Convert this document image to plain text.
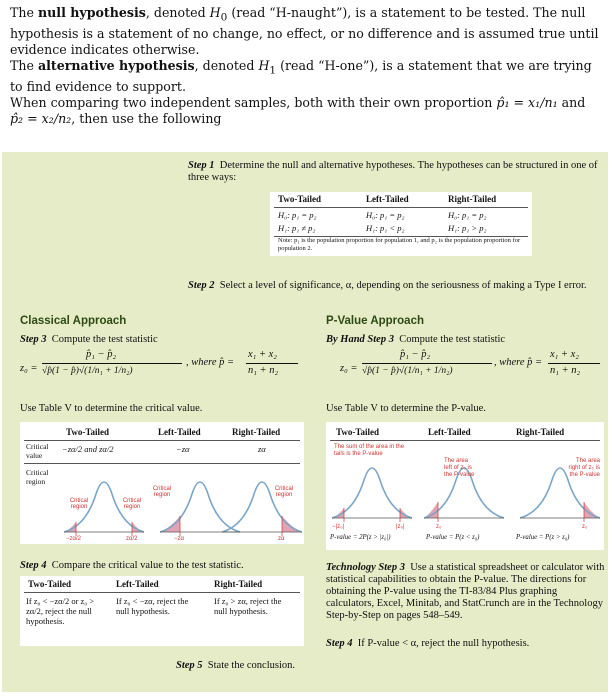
The null hypothesis, denoted $H_0$ (read “H-naught”), is a statement to be tested. The null hypothesis is a statement of no change, no effect, or no difference and is assumed true until evidence indicates otherwise.

The alternative hypothesis, denoted $H_1$ (read “H-one”), is a statement that we are trying to find evidence to support.

When comparing two independent samples, both with their own proportion p̂₁ = x₁/n₁ and p̂₂ = x₂/n₂, then use the following

Step 1 Determine the null and alternative hypotheses. The hypotheses can be structured in one of three ways:
Two-Tailed	Left-Tailed	Right-Tailed
H₀: p₁ = p₂	H₀: p₁ = p₂	H₀: p₁ = p₂
H₁: p₁ ≠ p₂	H₁: p₁ < p₂	H₁: p₁ > p₂
Note: p₁ is the population proportion for population 1, and p₂ is the population proportion for population 2.
Step 2 Select a level of significance, α, depending on the seriousness of making a Type I error.
Classical Approach
Step 3 Compute the test statistic
z₀ =
p̂₁ − p̂₂
√p̂(1 − p̂)√(1/n₁ + 1/n₂)
, where p̂ =
x₁ + x₂
n₁ + n₂
Use Table V to determine the critical value.
Two-Tailed	Left-Tailed	Right-Tailed
Critical value
−zα/2 and zα/2	−zα	zα
Critical region
Critical region
Critical region
Critical region
Critical region
−zα/2	zα/2	−zα	zα
Step 4 Compare the critical value to the test statistic.
Two-Tailed	Left-Tailed	Right-Tailed
If z₀ < −zα/2 or z₀ > zα/2, reject the null hypothesis.
If z₀ < −zα, reject the null hypothesis.
If z₀ > zα, reject the null hypothesis.
P-Value Approach
By Hand Step 3 Compute the test statistic
z₀ =
p̂₁ − p̂₂
√p̂(1 − p̂)√(1/n₁ + 1/n₂)
, where p̂ =
x₁ + x₂
n₁ + n₂
Use Table V to determine the P-value.
Two-Tailed	Left-Tailed	Right-Tailed
The sum of the area in the tails is the P-value
The area left of z₀ is the P-value
The area right of z₀ is the P-value
−|z₀|	|z₀|	z₀	z₀
P-value = 2P(z > |z₀|)	P-value = P(z < z₀)	P-value = P(z > z₀)
Technology Step 3 Use a statistical spreadsheet or calculator with statistical capabilities to obtain the P-value. The directions for obtaining the P-value using the TI-83/84 Plus graphing calculators, Excel, Minitab, and StatCrunch are in the Technology Step-by-Step on pages 548–549.
Step 4 If P-value < α, reject the null hypothesis.
Step 5 State the conclusion.
